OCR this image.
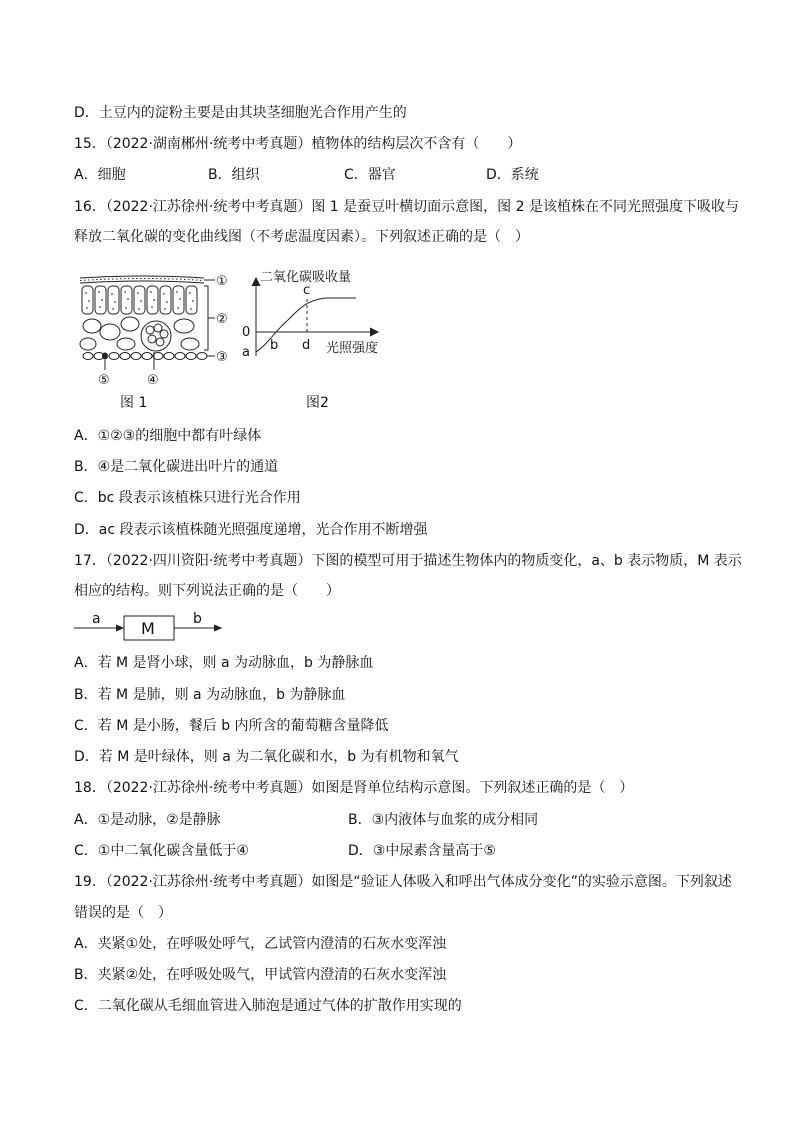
D．土豆内的淀粉主要是由其块茎细胞光合作用产生的
15．（2022·湖南郴州·统考中考真题）植物体的结构层次不含有（　　）
A．细胞	B．组织	C．器官	D．系统
16．（2022·江苏徐州·统考中考真题）图 1 是蚕豆叶横切面示意图，图 2 是该植株在不同光照强度下吸收与
释放二氧化碳的变化曲线图（不考虑温度因素）。下列叙述正确的是（　）
①
②
③
⑤	④
图 1
二氧化碳吸收量
0
a b
c
d 光照强度
图2
A．①②③的细胞中都有叶绿体
B．④是二氧化碳进出叶片的通道
C．bc 段表示该植株只进行光合作用
D．ac 段表示该植株随光照强度递增，光合作用不断增强
17．（2022·四川资阳·统考中考真题）下图的模型可用于描述生物体内的物质变化，a、b 表示物质，M 表示
相应的结构。则下列说法正确的是（　　）
a	M	b
A．若 M 是肾小球，则 a 为动脉血，b 为静脉血
B．若 M 是肺，则 a 为动脉血，b 为静脉血
C．若 M 是小肠，餐后 b 内所含的葡萄糖含量降低
D．若 M 是叶绿体，则 a 为二氧化碳和水，b 为有机物和氧气
18．（2022·江苏徐州·统考中考真题）如图是肾单位结构示意图。下列叙述正确的是（　）
A．①是动脉，②是静脉	B．③内液体与血浆的成分相同
C．①中二氧化碳含量低于④	D．③中尿素含量高于⑤
19．（2022·江苏徐州·统考中考真题）如图是“验证人体吸入和呼出气体成分变化”的实验示意图。下列叙述
错误的是（　）
A．夹紧①处，在呼吸处呼气，乙试管内澄清的石灰水变浑浊
B．夹紧②处，在呼吸处吸气，甲试管内澄清的石灰水变浑浊
C．二氧化碳从毛细血管进入肺泡是通过气体的扩散作用实现的
